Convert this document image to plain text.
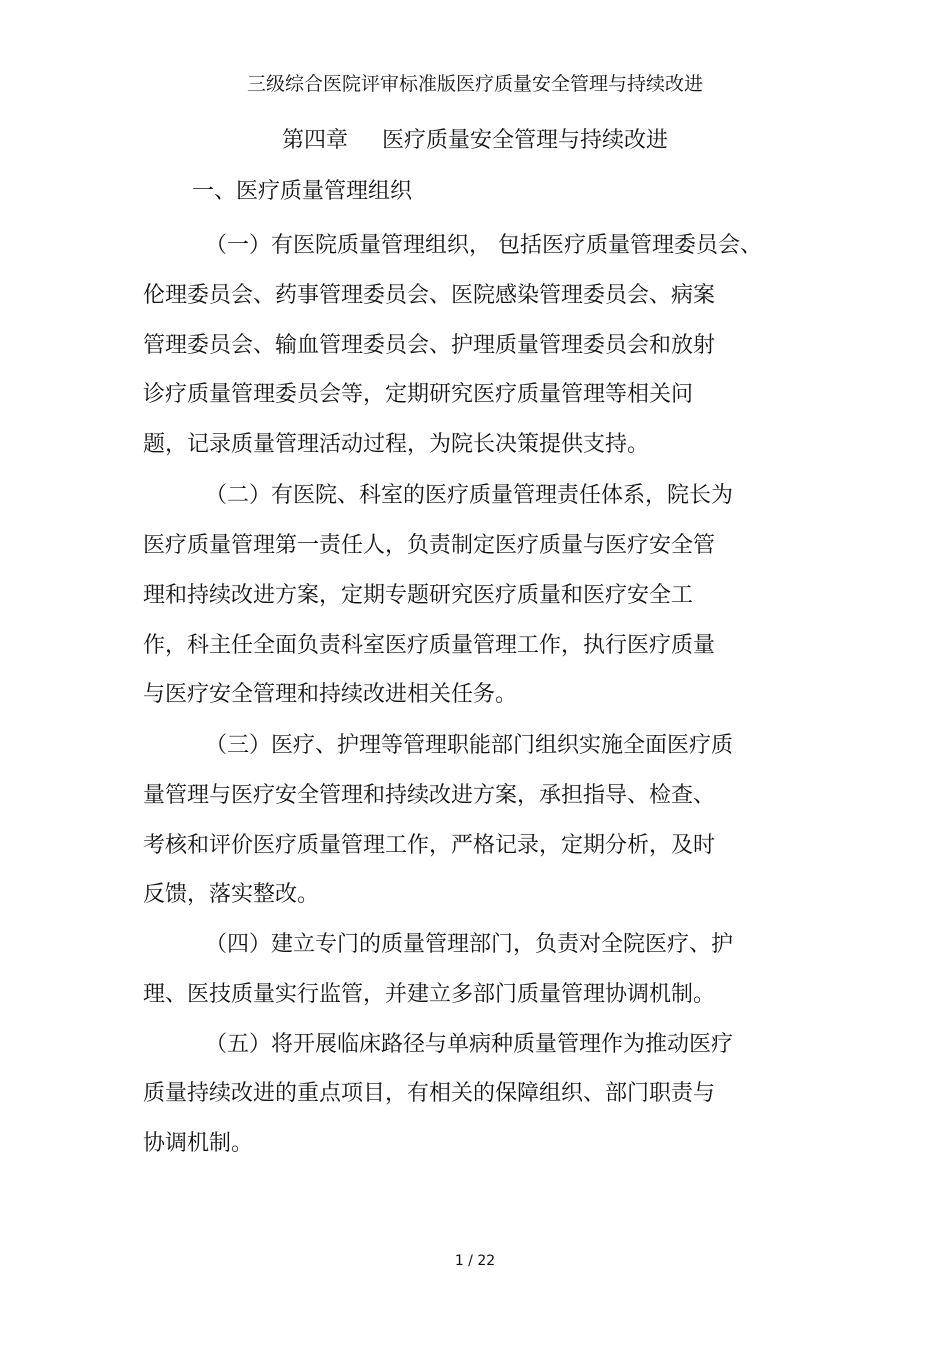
三级综合医院评审标准版医疗质量安全管理与持续改进
第四章 医疗质量安全管理与持续改进
一、医疗质量管理组织
（一）有医院质量管理组织， 包括医疗质量管理委员会、
伦理委员会、药事管理委员会、医院感染管理委员会、病案
管理委员会、输血管理委员会、护理质量管理委员会和放射
诊疗质量管理委员会等，定期研究医疗质量管理等相关问
题，记录质量管理活动过程，为院长决策提供支持。
（二）有医院、科室的医疗质量管理责任体系，院长为
医疗质量管理第一责任人，负责制定医疗质量与医疗安全管
理和持续改进方案，定期专题研究医疗质量和医疗安全工
作，科主任全面负责科室医疗质量管理工作，执行医疗质量
与医疗安全管理和持续改进相关任务。
（三）医疗、护理等管理职能部门组织实施全面医疗质
量管理与医疗安全管理和持续改进方案，承担指导、检查、
考核和评价医疗质量管理工作，严格记录，定期分析，及时
反馈，落实整改。
（四）建立专门的质量管理部门，负责对全院医疗、护
理、医技质量实行监管，并建立多部门质量管理协调机制。
（五）将开展临床路径与单病种质量管理作为推动医疗
质量持续改进的重点项目，有相关的保障组织、部门职责与
协调机制。
1 / 22
